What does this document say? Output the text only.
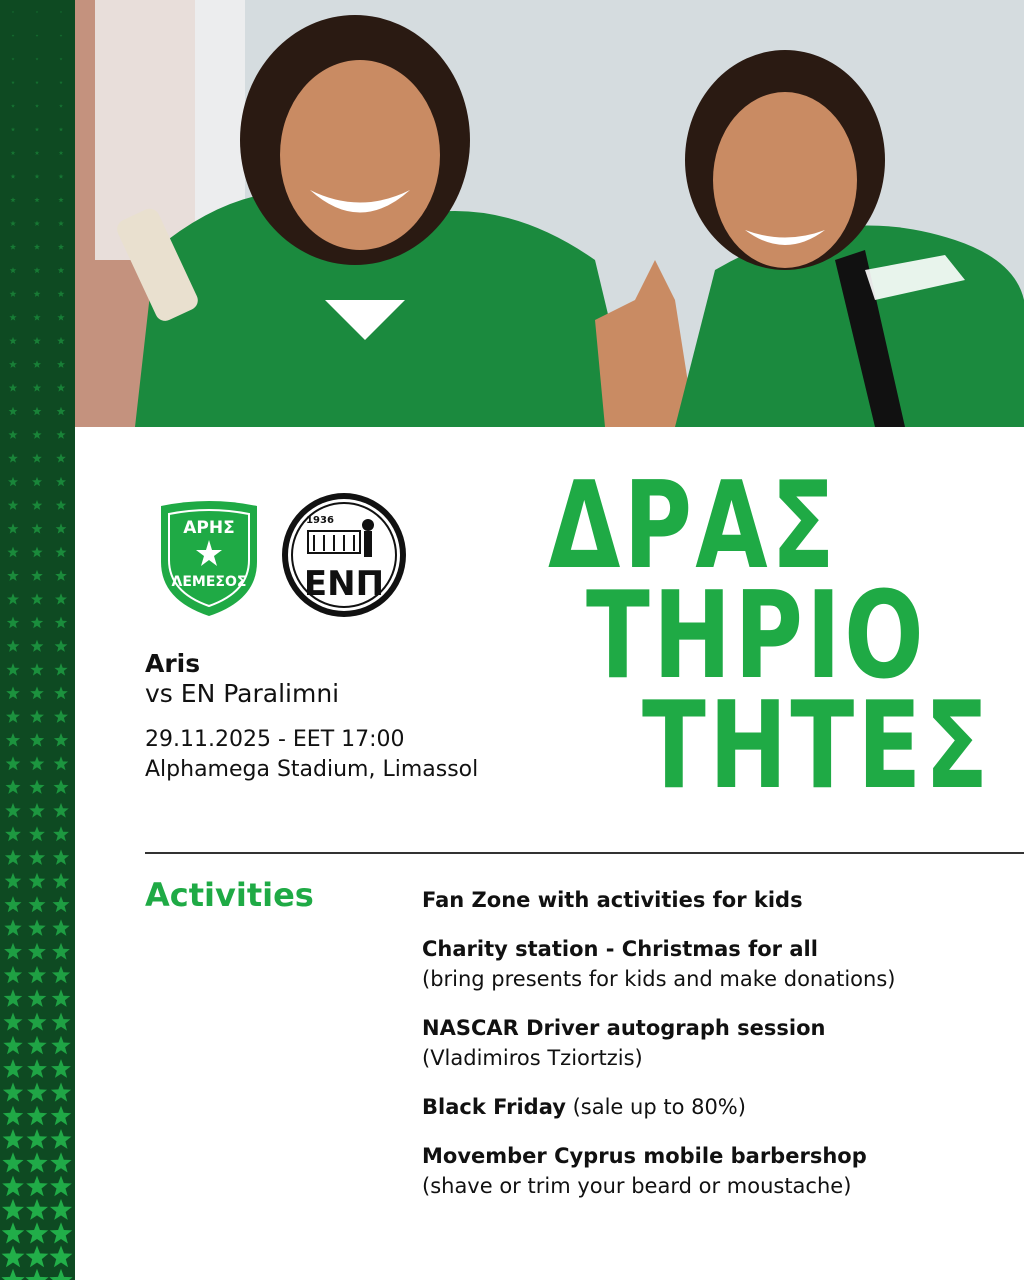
ΑΡΗΣ
ΛΕΜΕΣΟΣ
1936
ENΠ
Aris
vs EN Paralimni
29.11.2025 - EET 17:00
Alphamega Stadium, Limassol
ΔΡΑΣ
ΤΗΡΙΟ
ΤΗΤΕΣ
Activities	Fan Zone with activities for kids
Charity station - Christmas for all
(bring presents for kids and make donations)
NASCAR Driver autograph session
(Vladimiros Tziortzis)
Black Friday (sale up to 80%)
Movember Cyprus mobile barbershop
(shave or trim your beard or moustache)
